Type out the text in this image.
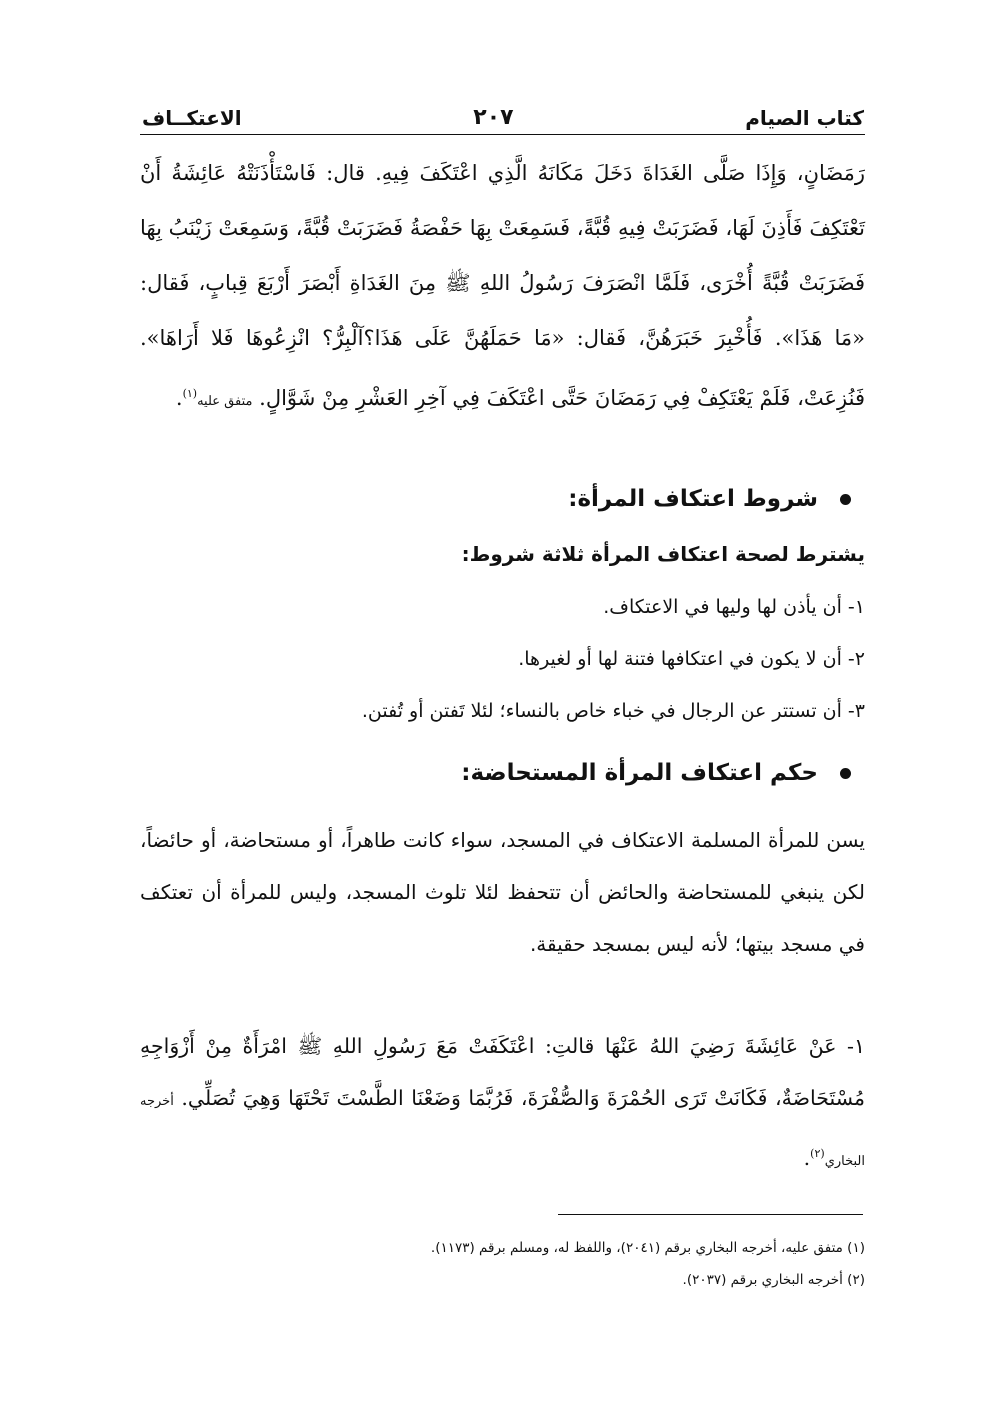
كتاب الصيام
٢٠٧
الاعتكــاف
رَمَضَانٍ، وَإِذَا صَلَّى الغَدَاةَ دَخَلَ مَكَانَهُ الَّذِي اعْتَكَفَ فِيهِ. قال: فَاسْتَأْذَنَتْهُ عَائِشَةُ أَنْ تَعْتَكِفَ فَأَذِنَ لَهَا، فَضَرَبَتْ فِيهِ قُبَّةً، فَسَمِعَتْ بِهَا حَفْصَةُ فَضَرَبَتْ قُبَّةً، وَسَمِعَتْ زَيْنَبُ بِهَا فَضَرَبَتْ قُبَّةً أُخْرَى، فَلَمَّا انْصَرَفَ رَسُولُ اللهِ ﷺ مِنَ الغَدَاةِ أَبْصَرَ أَرْبَعَ قِبابٍ، فَقال: «مَا هَذَا». فَأُخْبِرَ خَبَرَهُنَّ، فَقال: «مَا حَمَلَهُنَّ عَلَى هَذَا؟آلْبِرُّ؟ انْزِعُوهَا فَلا أَرَاهَا». فَنُزِعَتْ، فَلَمْ يَعْتَكِفْ فِي رَمَضَانَ حَتَّى اعْتَكَفَ فِي آخِرِ العَشْرِ مِنْ شَوَّالٍ. متفق عليه$^{(١)}$.
شروط اعتكاف المرأة:
يشترط لصحة اعتكاف المرأة ثلاثة شروط:
١- أن يأذن لها وليها في الاعتكاف.
٢- أن لا يكون في اعتكافها فتنة لها أو لغيرها.
٣- أن تستتر عن الرجال في خباء خاص بالنساء؛ لئلا تَفتن أو تُفتن.
حكم اعتكاف المرأة المستحاضة:
يسن للمرأة المسلمة الاعتكاف في المسجد، سواء كانت طاهراً، أو مستحاضة، أو حائضاً، لكن ينبغي للمستحاضة والحائض أن تتحفظ لئلا تلوث المسجد، وليس للمرأة أن تعتكف في مسجد بيتها؛ لأنه ليس بمسجد حقيقة.
١- عَنْ عَائِشَةَ رَضِيَ اللهُ عَنْهَا قالتِ: اعْتَكَفَتْ مَعَ رَسُولِ اللهِ ﷺ امْرَأَةٌ مِنْ أَزْوَاجِهِ مُسْتَحَاضَةٌ، فَكَانَتْ تَرَى الحُمْرَةَ وَالصُّفْرَةَ، فَرُبَّمَا وَضَعْنَا الطَّسْتَ تَحْتَهَا وَهِيَ تُصَلِّي. أخرجه البخاري$^{(٢)}$.
(١) متفق عليه، أخرجه البخاري برقم (٢٠٤١)، واللفظ له، ومسلم برقم (١١٧٣).
(٢) أخرجه البخاري برقم (٢٠٣٧).
